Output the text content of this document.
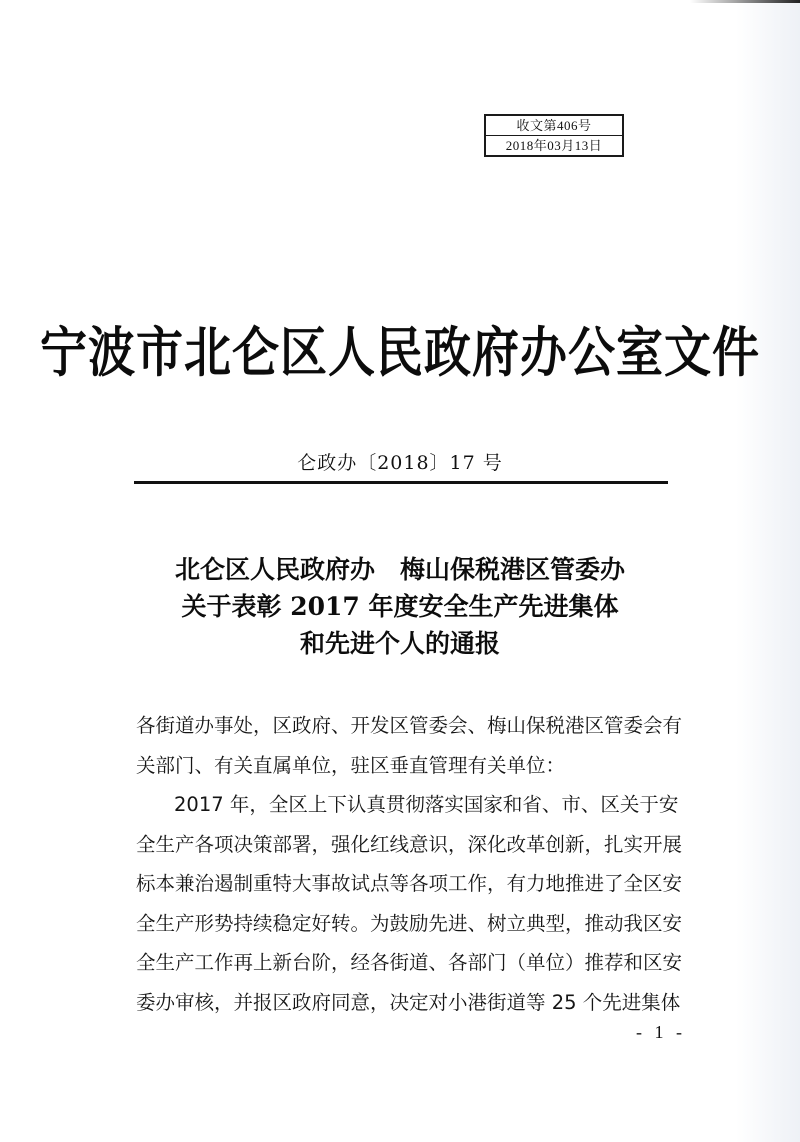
收文第406号
2018年03月13日
宁波市北仑区人民政府办公室文件
仑政办〔2018〕17 号
北仑区人民政府办　梅山保税港区管委办
关于表彰 2017 年度安全生产先进集体
和先进个人的通报
各街道办事处，区政府、开发区管委会、梅山保税港区管委会有
关部门、有关直属单位，驻区垂直管理有关单位：
2017 年，全区上下认真贯彻落实国家和省、市、区关于安
全生产各项决策部署，强化红线意识，深化改革创新，扎实开展
标本兼治遏制重特大事故试点等各项工作，有力地推进了全区安
全生产形势持续稳定好转。为鼓励先进、树立典型，推动我区安
全生产工作再上新台阶，经各街道、各部门（单位）推荐和区安
委办审核，并报区政府同意，决定对小港街道等 25 个先进集体
- 1 -
